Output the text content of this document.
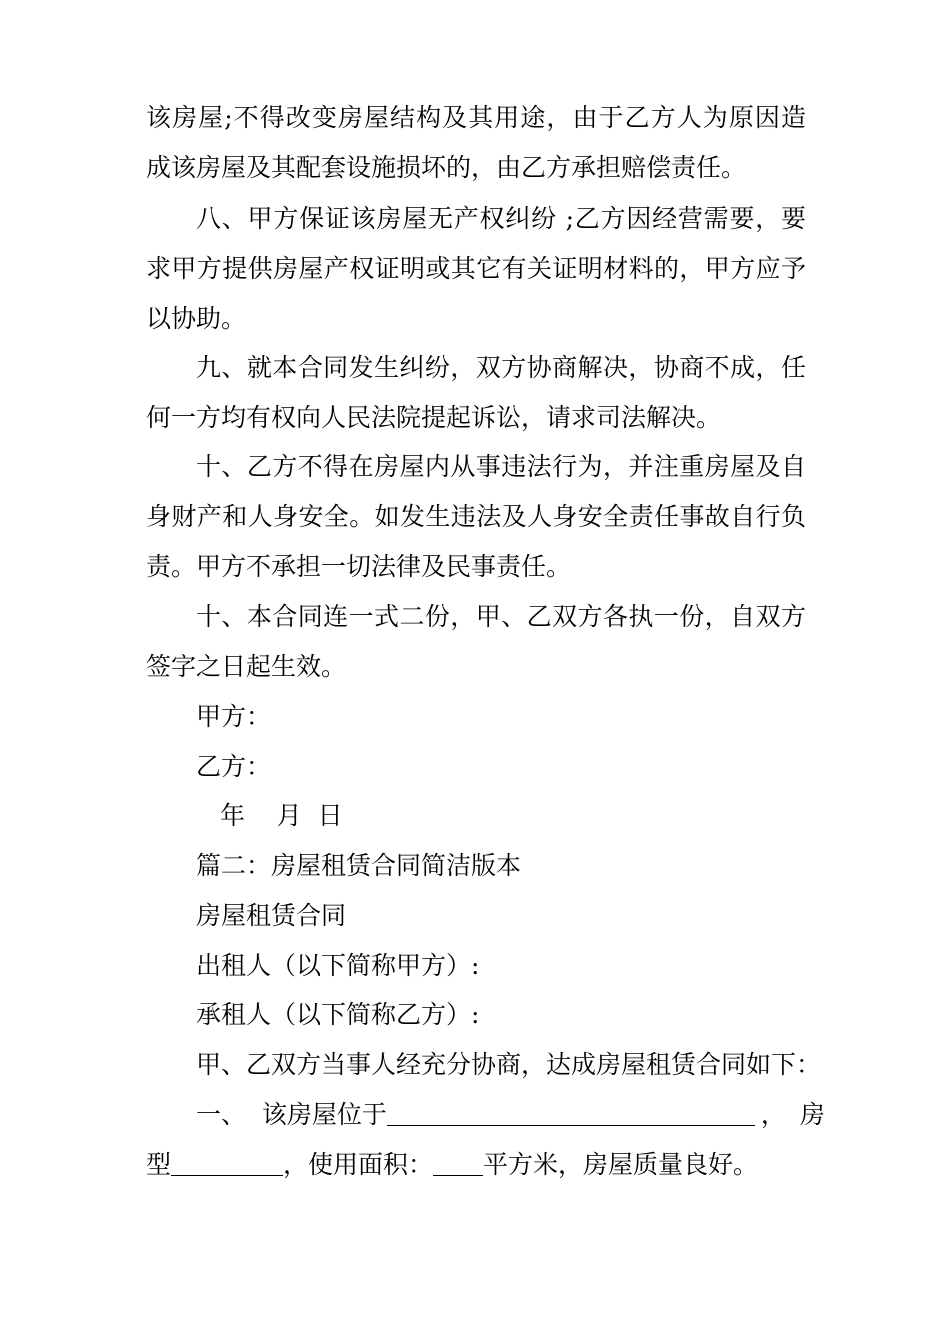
该房屋;不得改变房屋结构及其用途，由于乙方人为原因造
成该房屋及其配套设施损坏的，由乙方承担赔偿责任。
八、甲方保证该房屋无产权纠纷 ;乙方因经营需要，要
求甲方提供房屋产权证明或其它有关证明材料的，甲方应予
以协助。
九、就本合同发生纠纷，双方协商解决，协商不成，任
何一方均有权向人民法院提起诉讼，请求司法解决。
十、乙方不得在房屋内从事违法行为，并注重房屋及自
身财产和人身安全。如发生违法及人身安全责任事故自行负
责。甲方不承担一切法律及民事责任。
十、本合同连一式二份，甲、乙双方各执一份，自双方
签字之日起生效。
甲方：
乙方：
年    月  日
篇二：房屋租赁合同简洁版本
房屋租赁合同
出租人（以下简称甲方）:
承租人（以下简称乙方）:
甲、乙双方当事人经充分协商，达成房屋租赁合同如下：
一、  该房屋位于	，房
型	，使用面积： 平方米，房屋质量良好。
